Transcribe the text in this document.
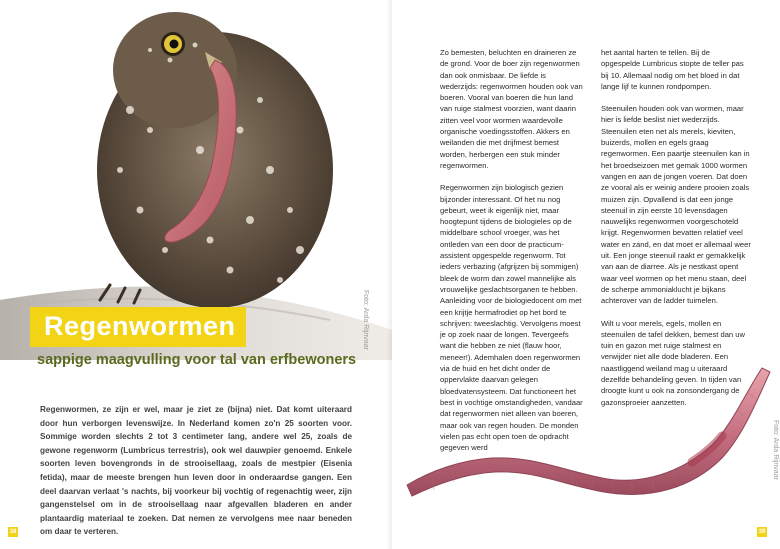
Foto: Arda Rijnvaar
Regenwormen
sappige maagvulling voor tal van erfbewoners
Regenwormen, ze zijn er wel, maar je ziet ze (bijna) niet. Dat komt uiteraard door hun verborgen levenswijze. In Nederland komen zo'n 25 soorten voor. Sommige worden slechts 2 tot 3 centimeter lang, andere wel 25, zoals de gewone regenworm (Lumbricus terrestris), ook wel dauwpier genoemd. Enkele soorten leven bovengronds in de strooisellaag, zoals de mestpier (Eisenia fetida), maar de meeste brengen hun leven door in onderaardse gangen. Een deel daarvan verlaat 's nachts, bij voorkeur bij vochtig of regenachtig weer, zijn gangenstelsel om in de strooisellaag naar afgevallen bladeren en ander plantaardig materiaal te zoeken. Dat nemen ze vervolgens mee naar beneden om daar te verteren.
38

Zo bemesten, beluchten en draineren ze de grond. Voor de boer zijn regenwormen dan ook onmisbaar. De liefde is wederzijds: regenwormen houden ook van boeren. Vooral van boeren die hun land van ruige stalmest voorzien, want daarin zitten veel voor wormen waardevolle organische voedingsstoffen. Akkers en weilanden die met drijfmest bemest worden, herbergen een stuk minder regenwormen.

Regenwormen zijn biologisch gezien bijzonder interessant. Of het nu nog gebeurt, weet ik eigenlijk niet, maar hoogtepunt tijdens de biologieles op de middelbare school vroeger, was het ontleden van een door de practicum-assistent opgespelde regenworm. Tot ieders verbazing (afgrijzen bij sommigen) bleek de worm dan zowel mannelijke als vrouwelijke geslachtsorganen te hebben. Aanleiding voor de biologiedocent om met een krijtje hermafrodiet op het bord te schrijven: tweeslachtig. Vervolgens moest je op zoek naar de longen. Tevergeefs want die hebben ze niet (flauw hoor, meneer!). Ademhalen doen regenwormen via de huid en het dicht onder de oppervlakte daarvan gelegen bloedvatensysteem. Dat functioneert het best in vochtige omstandigheden, vandaar dat regenwormen niet alleen van boeren, maar ook van regen houden. De monden vielen pas echt open toen de opdracht gegeven werd

het aantal harten te tellen. Bij de opgespelde Lumbricus stopte de teller pas bij 10. Allemaal nodig om het bloed in dat lange lijf te kunnen rondpompen.

Steenuilen houden ook van wormen, maar hier is liefde beslist niet wederzijds. Steenuilen eten net als merels, kieviten, buizerds, mollen en egels graag regenwormen. Een paartje steenuilen kan in het broedseizoen met gemak 1000 wormen vangen en aan de jongen voeren. Dat doen ze vooral als er weinig andere prooien zoals muizen zijn. Opvallend is dat een jonge steenuil in zijn eerste 10 levensdagen nauwelijks regenwormen voorgeschoteld krijgt. Regenwormen bevatten relatief veel water en zand, en dat moet er allemaal weer uit. Een jonge steenuil raakt er gemakkelijk van aan de diarree. Als je nestkast opent waar veel wormen op het menu staan, deel de scherpe ammoniaklucht je bijkans achterover van de ladder tuimelen.

Wilt u voor merels, egels, mollen en steenuilen de tafel dekken, bemest dan uw tuin en gazon met ruige stalmest en verwijder niet alle dode bladeren. Een naastliggend weiland mag u uiteraard dezelfde behandeling geven. In tijden van droogte kunt u ook na zonsondergang de gazonsproeier aanzetten.

Foto: Arda Rijnvaar
39
